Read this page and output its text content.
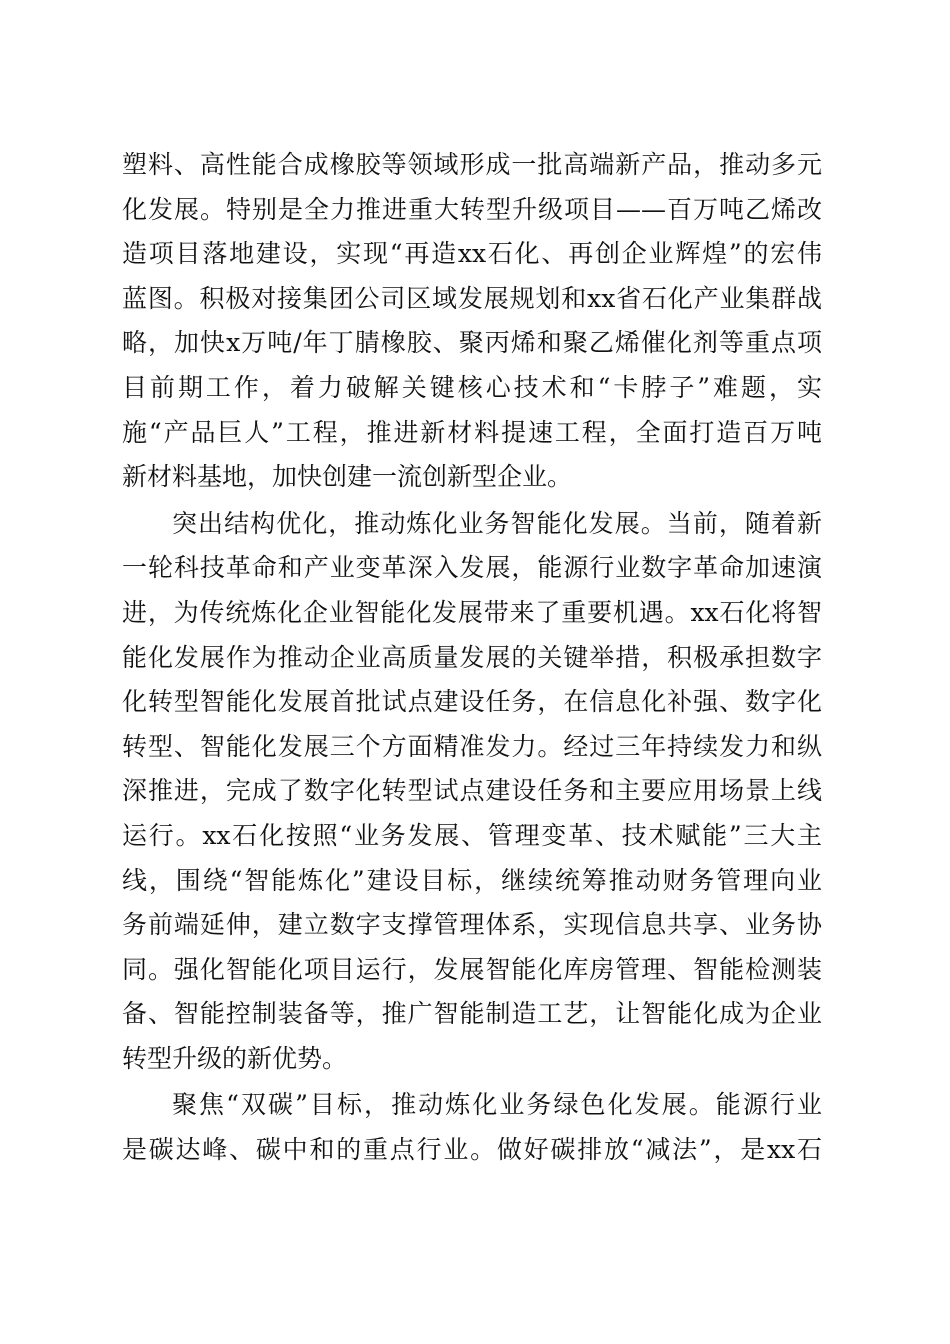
塑料、高性能合成橡胶等领域形成一批高端新产品，推动多元
化发展。特别是全力推进重大转型升级项目——百万吨乙烯改
造项目落地建设，实现“再造xx石化、再创企业辉煌”的宏伟
蓝图。积极对接集团公司区域发展规划和xx省石化产业集群战
略，加快x万吨/年丁腈橡胶、聚丙烯和聚乙烯催化剂等重点项
目前期工作，着力破解关键核心技术和“卡脖子”难题，实
施“产品巨人”工程，推进新材料提速工程，全面打造百万吨
新材料基地，加快创建一流创新型企业。
突出结构优化，推动炼化业务智能化发展。当前，随着新
一轮科技革命和产业变革深入发展，能源行业数字革命加速演
进，为传统炼化企业智能化发展带来了重要机遇。xx石化将智
能化发展作为推动企业高质量发展的关键举措，积极承担数字
化转型智能化发展首批试点建设任务，在信息化补强、数字化
转型、智能化发展三个方面精准发力。经过三年持续发力和纵
深推进，完成了数字化转型试点建设任务和主要应用场景上线
运行。xx石化按照“业务发展、管理变革、技术赋能”三大主
线，围绕“智能炼化”建设目标，继续统筹推动财务管理向业
务前端延伸，建立数字支撑管理体系，实现信息共享、业务协
同。强化智能化项目运行，发展智能化库房管理、智能检测装
备、智能控制装备等，推广智能制造工艺，让智能化成为企业
转型升级的新优势。
聚焦“双碳”目标，推动炼化业务绿色化发展。能源行业
是碳达峰、碳中和的重点行业。做好碳排放“减法”，是xx石
